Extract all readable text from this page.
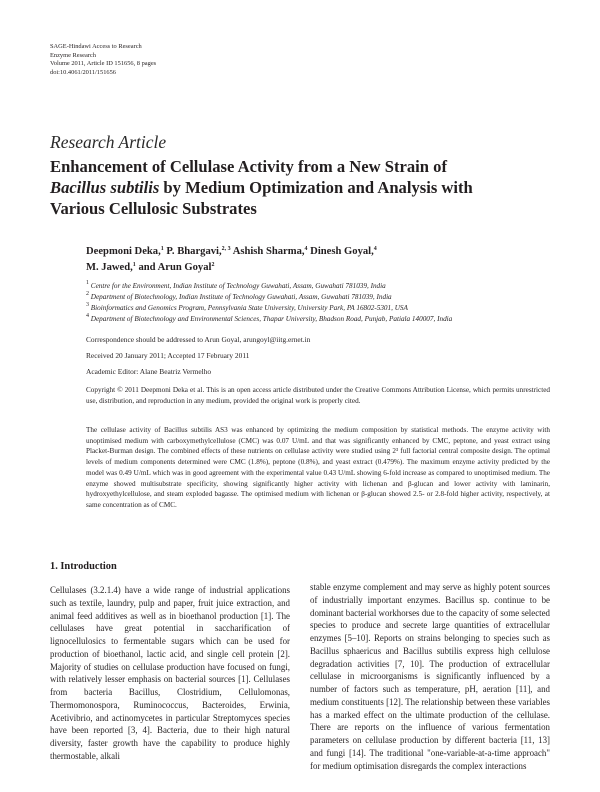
SAGE-Hindawi Access to Research
Enzyme Research
Volume 2011, Article ID 151656, 8 pages
doi:10.4061/2011/151656
Research Article
Enhancement of Cellulase Activity from a New Strain of
Bacillus subtilis by Medium Optimization and Analysis with
Various Cellulosic Substrates
Deepmoni Deka,$^1$ P. Bhargavi,$^{2, 3}$ Ashish Sharma,$^4$ Dinesh Goyal,$^4$
M. Jawed,$^1$ and Arun Goyal$^2$
$^1$ Centre for the Environment, Indian Institute of Technology Guwahati, Assam, Guwahati 781039, India
$^2$ Department of Biotechnology, Indian Institute of Technology Guwahati, Assam, Guwahati 781039, India
$^3$ Bioinformatics and Genomics Program, Pennsylvania State University, University Park, PA 16802-5301, USA
$^4$ Department of Biotechnology and Environmental Sciences, Thapar University, Bhadson Road, Punjab, Patiala 140007, India
Correspondence should be addressed to Arun Goyal, arungoyl@iitg.ernet.in
Received 20 January 2011; Accepted 17 February 2011
Academic Editor: Alane Beatriz Vermelho
Copyright © 2011 Deepmoni Deka et al. This is an open access article distributed under the Creative Commons Attribution License, which permits unrestricted use, distribution, and reproduction in any medium, provided the original work is properly cited.
The cellulase activity of Bacillus subtilis AS3 was enhanced by optimizing the medium composition by statistical methods. The enzyme activity with unoptimised medium with carboxymethylcellulose (CMC) was 0.07 U/mL and that was significantly enhanced by CMC, peptone, and yeast extract using Placket-Burman design. The combined effects of these nutrients on cellulase activity were studied using 2³ full factorial central composite design. The optimal levels of medium components determined were CMC (1.8%), peptone (0.8%), and yeast extract (0.479%). The maximum enzyme activity predicted by the model was 0.49 U/mL which was in good agreement with the experimental value 0.43 U/mL showing 6-fold increase as compared to unoptimised medium. The enzyme showed multisubstrate specificity, showing significantly higher activity with lichenan and β-glucan and lower activity with laminarin, hydroxyethylcellulose, and steam exploded bagasse. The optimised medium with lichenan or β-glucan showed 2.5- or 2.8-fold higher activity, respectively, at same concentration as of CMC.
1. Introduction

Cellulases (3.2.1.4) have a wide range of industrial applications such as textile, laundry, pulp and paper, fruit juice extraction, and animal feed additives as well as in bioethanol production [1]. The cellulases have great potential in saccharification of lignocellulosics to fermentable sugars which can be used for production of bioethanol, lactic acid, and single cell protein [2]. Majority of studies on cellulase production have focused on fungi, with relatively lesser emphasis on bacterial sources [1]. Cellulases from bacteria Bacillus, Clostridium, Cellulomonas, Thermomonospora, Ruminococcus, Bacteroides, Erwinia, Acetivibrio, and actinomycetes in particular Streptomyces species have been reported [3, 4]. Bacteria, due to their high natural diversity, faster growth have the capability to produce highly thermostable, alkali

stable enzyme complement and may serve as highly potent sources of industrially important enzymes. Bacillus sp. continue to be dominant bacterial workhorses due to the capacity of some selected species to produce and secrete large quantities of extracellular enzymes [5–10]. Reports on strains belonging to species such as Bacillus sphaericus and Bacillus subtilis express high cellulose degradation activities [7, 10]. The production of extracellular cellulase in microorganisms is significantly influenced by a number of factors such as temperature, pH, aeration [11], and medium constituents [12]. The relationship between these variables has a marked effect on the ultimate production of the cellulase. There are reports on the influence of various fermentation parameters on cellulase production by different bacteria [11, 13] and fungi [14]. The traditional "one-variable-at-a-time approach" for medium optimisation disregards the complex interactions
